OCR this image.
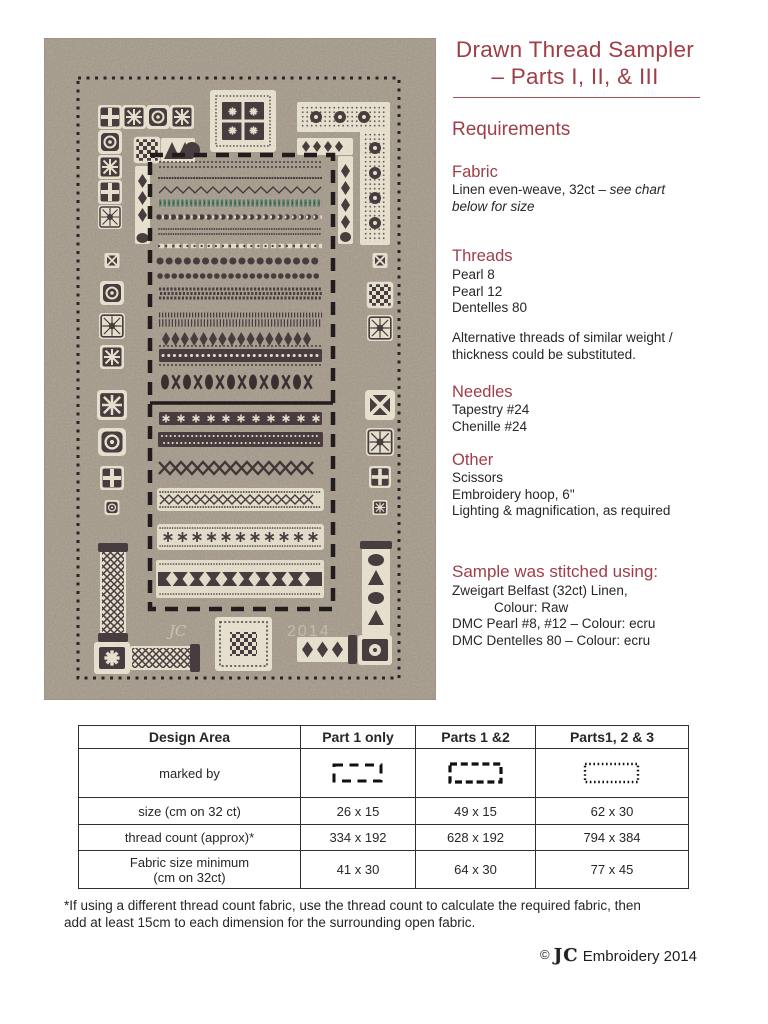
JC	2014
Drawn Thread Sampler
– Parts I, II, & III
Requirements
Fabric
Linen even-weave, 32ct – see chart
below for size
Threads
Pearl 8
Pearl 12
Dentelles 80
Alternative threads of similar weight /
thickness could be substituted.
Needles
Tapestry #24
Chenille #24
Other
Scissors
Embroidery hoop, 6"
Lighting & magnification, as required
Sample was stitched using:
Zweigart Belfast (32ct) Linen,
Colour: Raw
DMC Pearl #8, #12 – Colour: ecru
DMC Dentelles 80 – Colour: ecru
Design Area	Part 1 only	Parts 1 &2	Parts1, 2 & 3
marked by	

size (cm on 32 ct)	26 x 15	49 x 15	62 x 30
thread count (approx)*	334 x 192	628 x 192	794 x 384

Fabric size minimum
(cm on 32ct)	41 x 30	64 x 30	77 x 45
*If using a different thread count fabric, use the thread count to calculate the required fabric, then
add at least 15cm to each dimension for the surrounding open fabric.
© JC Embroidery 2014
